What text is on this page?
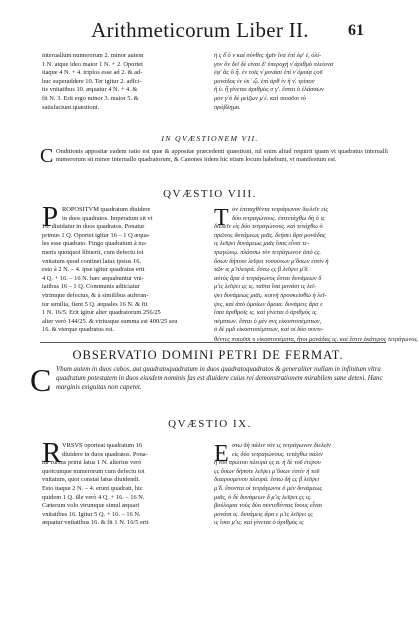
Arithmeticorum Liber II.	61
interuallum numerorum 2. minor autem
1 N. atque ideo maior 1 N. + 2. Oportet
itaque 4 N. + 4. triplos esse ad 2. & ad-
huc superaddere 10. Ter igitur 2. adfci-
tis vnitatibus 10. æquatur 4 N. + 4. &
fit N. 3. Erit ergo minor 3. maior 5. &
satisfaciunt quæstioni.
ἠ ς δ̓ ὃ ν καὶ σύνθες ἡμῖν ἵνα ἐπὶ ἐφ' ἐ, ὀλί-
γον ὃν δεῖ δὲ εἰναι δ' ὑπεροχὴ ν̓ ἀριθμὸ πλείονα
ἐφ' ἃς ὃ ἧ. ἐν τοῖς ν̓ μονάσι ἐπὶ ν̓ ὁμοίᾳ ϛοῦ
μονάδος ἐν ἐκ᾽ ᾧ. ἐπὶ ἀρθ ἰν ἢ ν̓. τρίπον
ἢ ὑ. ἧ γίνεται ἀριθμὸς σ γ'. ἔσται ὁ ἐλάσσων
μον γ̓ ὁ δὲ μείζων μ̓ ἐ. καὶ ποιοῦσι τὸ
πρόβλημα.
IN QVÆSTIONEM VII.
C Onditionis appositæ eadem ratio est quæ & appositæ præcedenti quæstioni, nil enim aliud requirit quam vt quadratus interualli numerorum sit minor interuallo quadratorum, & Canones iidem hic etiam locum habebunt, vt manifestum est.
QVÆSTIO VIII.
P ROPOSITVM quadratum diuidere
in duos quadratos. Imperatum sit vt
16. diuidatur in duos quadratos. Ponatur
primus 1 Q. Oportet igitur 16 – 1 Q æqua-
les esse quadrato. Fingo quadratum à nu-
meris quotquot libuerit, cum defectu tot
vnitatum quod continet latus ipsius 16.
esto à 2 N. – 4. ipse igitur quadratus erit
4 Q. + 16. – 16 N. hæc æquabuntur vni-
tatibus 16 – 1 Q. Communis adiiciatur
vtrimque defectus, & à similibus auferan-
tur similia, fient 5 Q. æquales 16 N. & fit
1 N. 16/5. Erit igitur alter quadratorum 256/25
alter verò 144/25. & vtriusque summa est 400/25 seu
16. & vterque quadratus est.
Τ ὸν ἐπιταχθέντα τετράγωνον διελεῖν εἰς
δύο τετραγώνους. ἐπιτετάχθω δὴ ὁ ις
διελεῖν εἰς δύο τετραγώνους. καὶ τετάχθω ὁ
πρῶτος δυνάμεως μιᾶς. δεήσει ἄρα μονάδας
ις λεῖψει δυνάμεως μιᾶς ἴσας εἶναι τε-
τραγώνῳ. πλάσσω τὸν τετράγωνον ἀπὸ ςς.
ὅσων δήποτε λεῖψει τοσούτων μ̊ ὅσων ἐστὶν ἡ
τῶν ις μ̊ πλευρά. ἔστω ςς β λεῖψει μ̊ δ.
αὐτὸς ἄρα ὁ τετράγωνος ἔσται δυνάμεων δ
μ̊ ις λεῖψει ςς ις. ταῦτα ἴσα μονάσι ις λεῖ-
ψει δυνάμεως μιᾶς. κοινὴ προσκείσθω ἡ λεῖ-
ψις, καὶ ἀπὸ ὁμοίων ὅμοια. δυνάμεις ἄρα ε
ἴσαι ἀριθμοῖς ις. καὶ γίνεται ὁ ἀριθμὸς ις
πέμπτων. ἔσται ὁ μὲν σνς εἰκοστοπέμπτων,
ὁ δὲ ρμδ εἰκοστοπέμπτων, καὶ οἱ δύο συντε-
θέντες ποιοῦσι υ εἰκοστοπέμπτα, ἤτοι μονάδας ις. καὶ ἔστιν ἑκάτερος τετράγωνος.
OBSERVATIO DOMINI PETRI DE FERMAT.
C Vbum autem in duos cubos, aut quadratoquadratum in duos quadratoquadratos & generaliter nullam in infinitum vltra quadratum potestatem in duos eiusdem nominis fas est diuidere cuius rei demonstrationem mirabilem sane detexi. Hanc marginis exiguitas non caperet.
QVÆSTIO IX.
R VRSVS oporteat quadratum 16
diuidere in duos quadratos. Ponа-
tur rursus primi latus 1 N. alterius verò
quotcunque numerorum cum defectu tot
vnitatum, quot constat latus diuidendi.
Esto itaque 2 N. – 4. erunt quadrati, hic
quidem 1 Q. ille verò 4 Q. + 16. – 16 N.
Cæterum volo vtrumque simul æquari
vnitatibus 16. Igitur 5 Q. + 16. – 16 N.
æquatur vnitatibus 16. & fit 1 N. 16/5 erit
Ε στω δὴ πάλιν τὸν ις τετράγωνον διελεῖν
εἰς δύο τετραγώνους. τετάχθω πάλιν
ἡ τοῦ πρώτου πλευρὰ ςς α. ἡ δὲ τοῦ ἑτέρου
ςς ὅσων δήποτε λεῖψει μ̊ ὅσων ἐστὶν ἡ τοῦ
διαιρουμένου πλευρά. ἔστω δὴ ςς β λεῖψει
μ̊ δ. ἔσονται οἱ τετράγωνοι ὁ μὲν δυνάμεως
μιᾶς, ὁ δὲ δυνάμεων δ μ̊ ις λεῖψει ςς ις.
βούλομαι τοὺς δύο συντεθέντας ἴσους εἶναι
μονάσι ις. δυνάμεις ἄρα ε μ̊ ις λεῖψει ςς
ις ἴσαι μ̊ ις. καὶ γίνεται ὁ ἀριθμὸς ις
